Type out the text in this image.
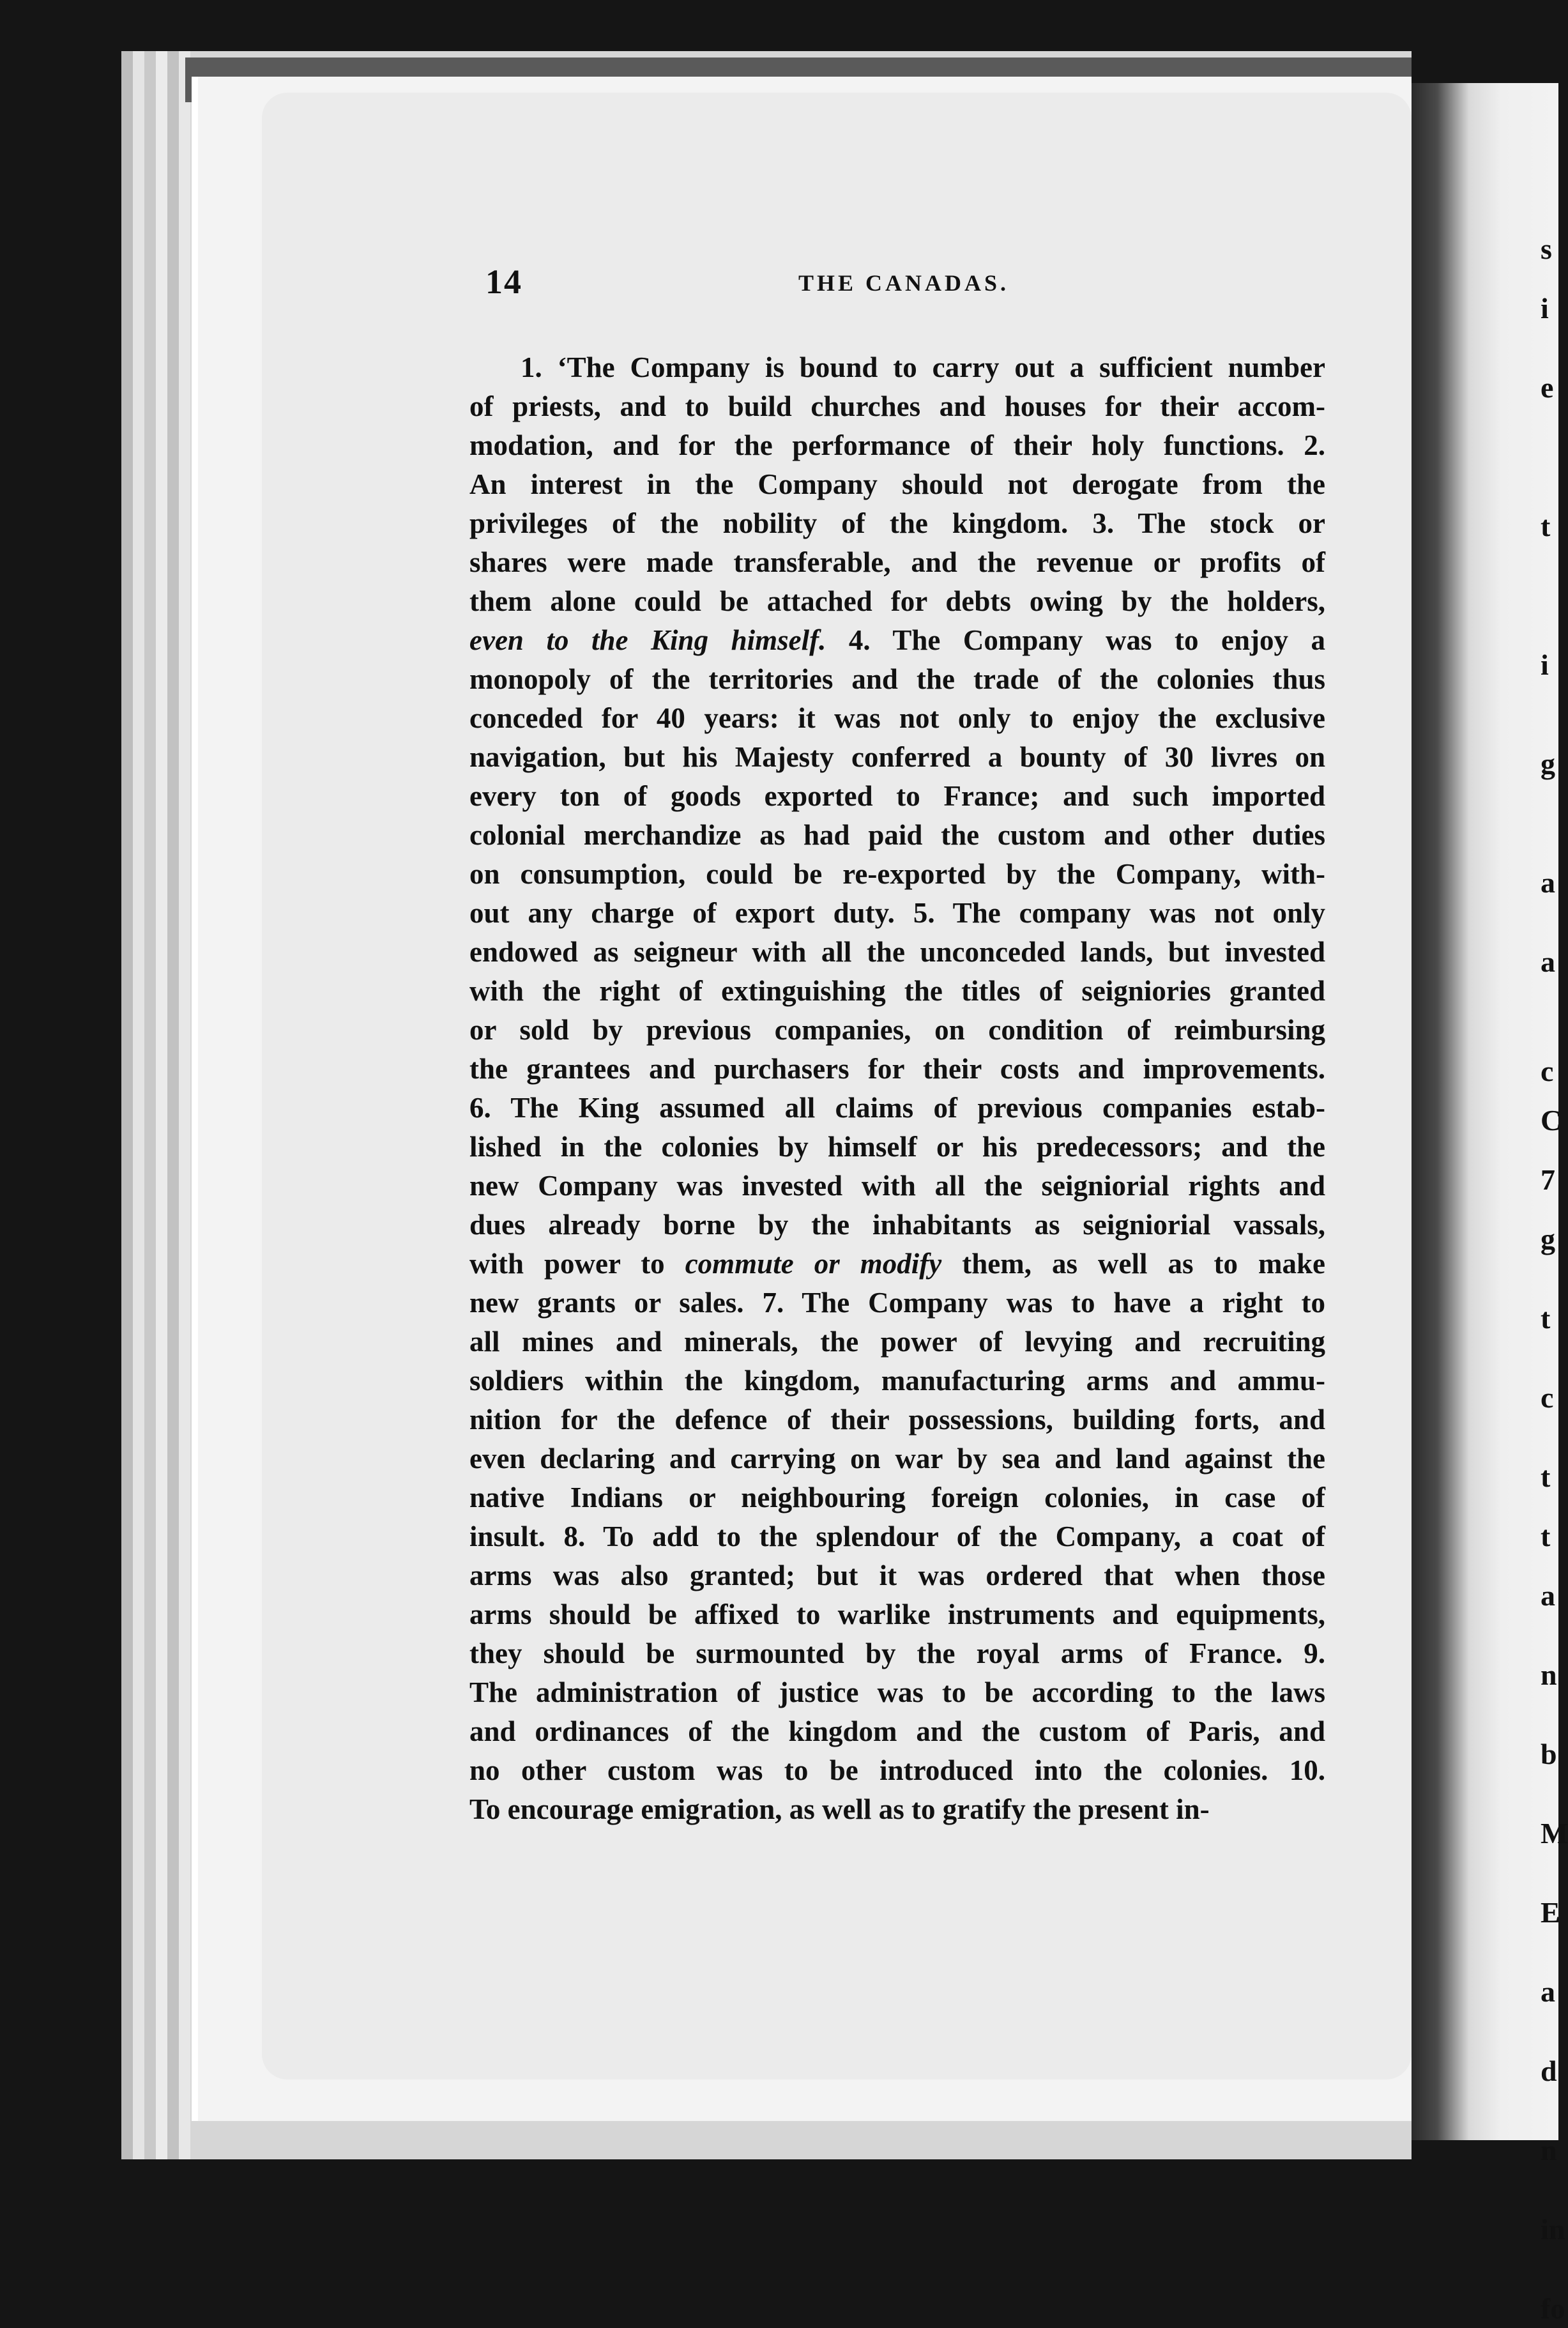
14	THE CANADAS.
1. ‘The Company is bound to carry out a sufficient number
of priests, and to build churches and houses for their accom-
modation, and for the performance of their holy functions. 2.
An interest in the Company should not derogate from the
privileges of the nobility of the kingdom. 3. The stock or
shares were made transferable, and the revenue or profits of
them alone could be attached for debts owing by the holders,
even to the King himself. 4. The Company was to enjoy a
monopoly of the territories and the trade of the colonies thus
conceded for 40 years: it was not only to enjoy the exclusive
navigation, but his Majesty conferred a bounty of 30 livres on
every ton of goods exported to France; and such imported
colonial merchandize as had paid the custom and other duties
on consumption, could be re-exported by the Company, with-
out any charge of export duty. 5. The company was not only
endowed as seigneur with all the unconceded lands, but invested
with the right of extinguishing the titles of seigniories granted
or sold by previous companies, on condition of reimbursing
the grantees and purchasers for their costs and improvements.
6. The King assumed all claims of previous companies estab-
lished in the colonies by himself or his predecessors; and the
new Company was invested with all the seigniorial rights and
dues already borne by the inhabitants as seigniorial vassals,
with power to commute or modify them, as well as to make
new grants or sales. 7. The Company was to have a right to
all mines and minerals, the power of levying and recruiting
soldiers within the kingdom, manufacturing arms and ammu-
nition for the defence of their possessions, building forts, and
even declaring and carrying on war by sea and land against the
native Indians or neighbouring foreign colonies, in case of
insult. 8. To add to the splendour of the Company, a coat of
arms was also granted; but it was ordered that when those
arms should be affixed to warlike instruments and equipments,
they should be surmounted by the royal arms of France. 9.
The administration of justice was to be according to the laws
and ordinances of the kingdom and the custom of Paris, and
no other custom was to be introduced into the colonies. 10.
To encourage emigration, as well as to gratify the present in-
s
i
e
t
i
g
a
a
c
C
7
g
t
c
t
t
a
n
b
M
E
a
d
n
in
fo
